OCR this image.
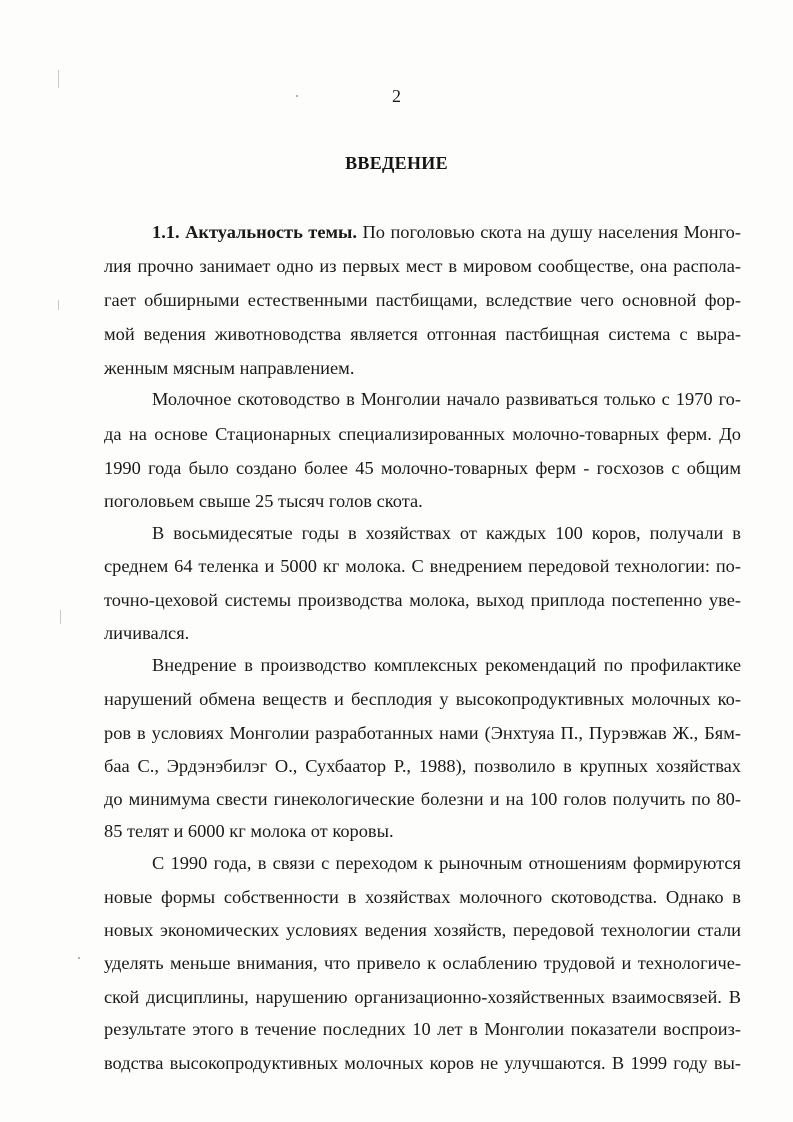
2
ВВЕДЕНИЕ
1.1. Актуальность темы. По поголовью скота на душу населения Монго-
лия прочно занимает одно из первых мест в мировом сообществе, она распола-
гает обширными естественными пастбищами, вследствие чего основной фор-
мой ведения животноводства является отгонная пастбищная система с выра-
женным мясным направлением.
Молочное скотоводство в Монголии начало развиваться только с 1970 го-
да на основе Стационарных специализированных молочно-товарных ферм. До
1990 года было создано более 45 молочно-товарных ферм - госхозов с общим
поголовьем свыше 25 тысяч голов скота.
В восьмидесятые годы в хозяйствах от каждых 100 коров, получали в
среднем 64 теленка и 5000 кг молока. С внедрением передовой технологии: по-
точно-цеховой системы производства молока, выход приплода постепенно уве-
личивался.
Внедрение в производство комплексных рекомендаций по профилактике
нарушений обмена веществ и бесплодия у высокопродуктивных молочных ко-
ров в условиях Монголии разработанных нами (Энхтуяа П., Пурэвжав Ж., Бям-
баа С., Эрдэнэбилэг О., Сухбаатор Р., 1988), позволило в крупных хозяйствах
до минимума свести гинекологические болезни и на 100 голов получить по 80-
85 телят и 6000 кг молока от коровы.
С 1990 года, в связи с переходом к рыночным отношениям формируются
новые формы собственности в хозяйствах молочного скотоводства. Однако в
новых экономических условиях ведения хозяйств, передовой технологии стали
уделять меньше внимания, что привело к ослаблению трудовой и технологиче-
ской дисциплины, нарушению организационно-хозяйственных взаимосвязей. В
результате этого в течение последних 10 лет в Монголии показатели воспроиз-
водства высокопродуктивных молочных коров не улучшаются. В 1999 году вы-
